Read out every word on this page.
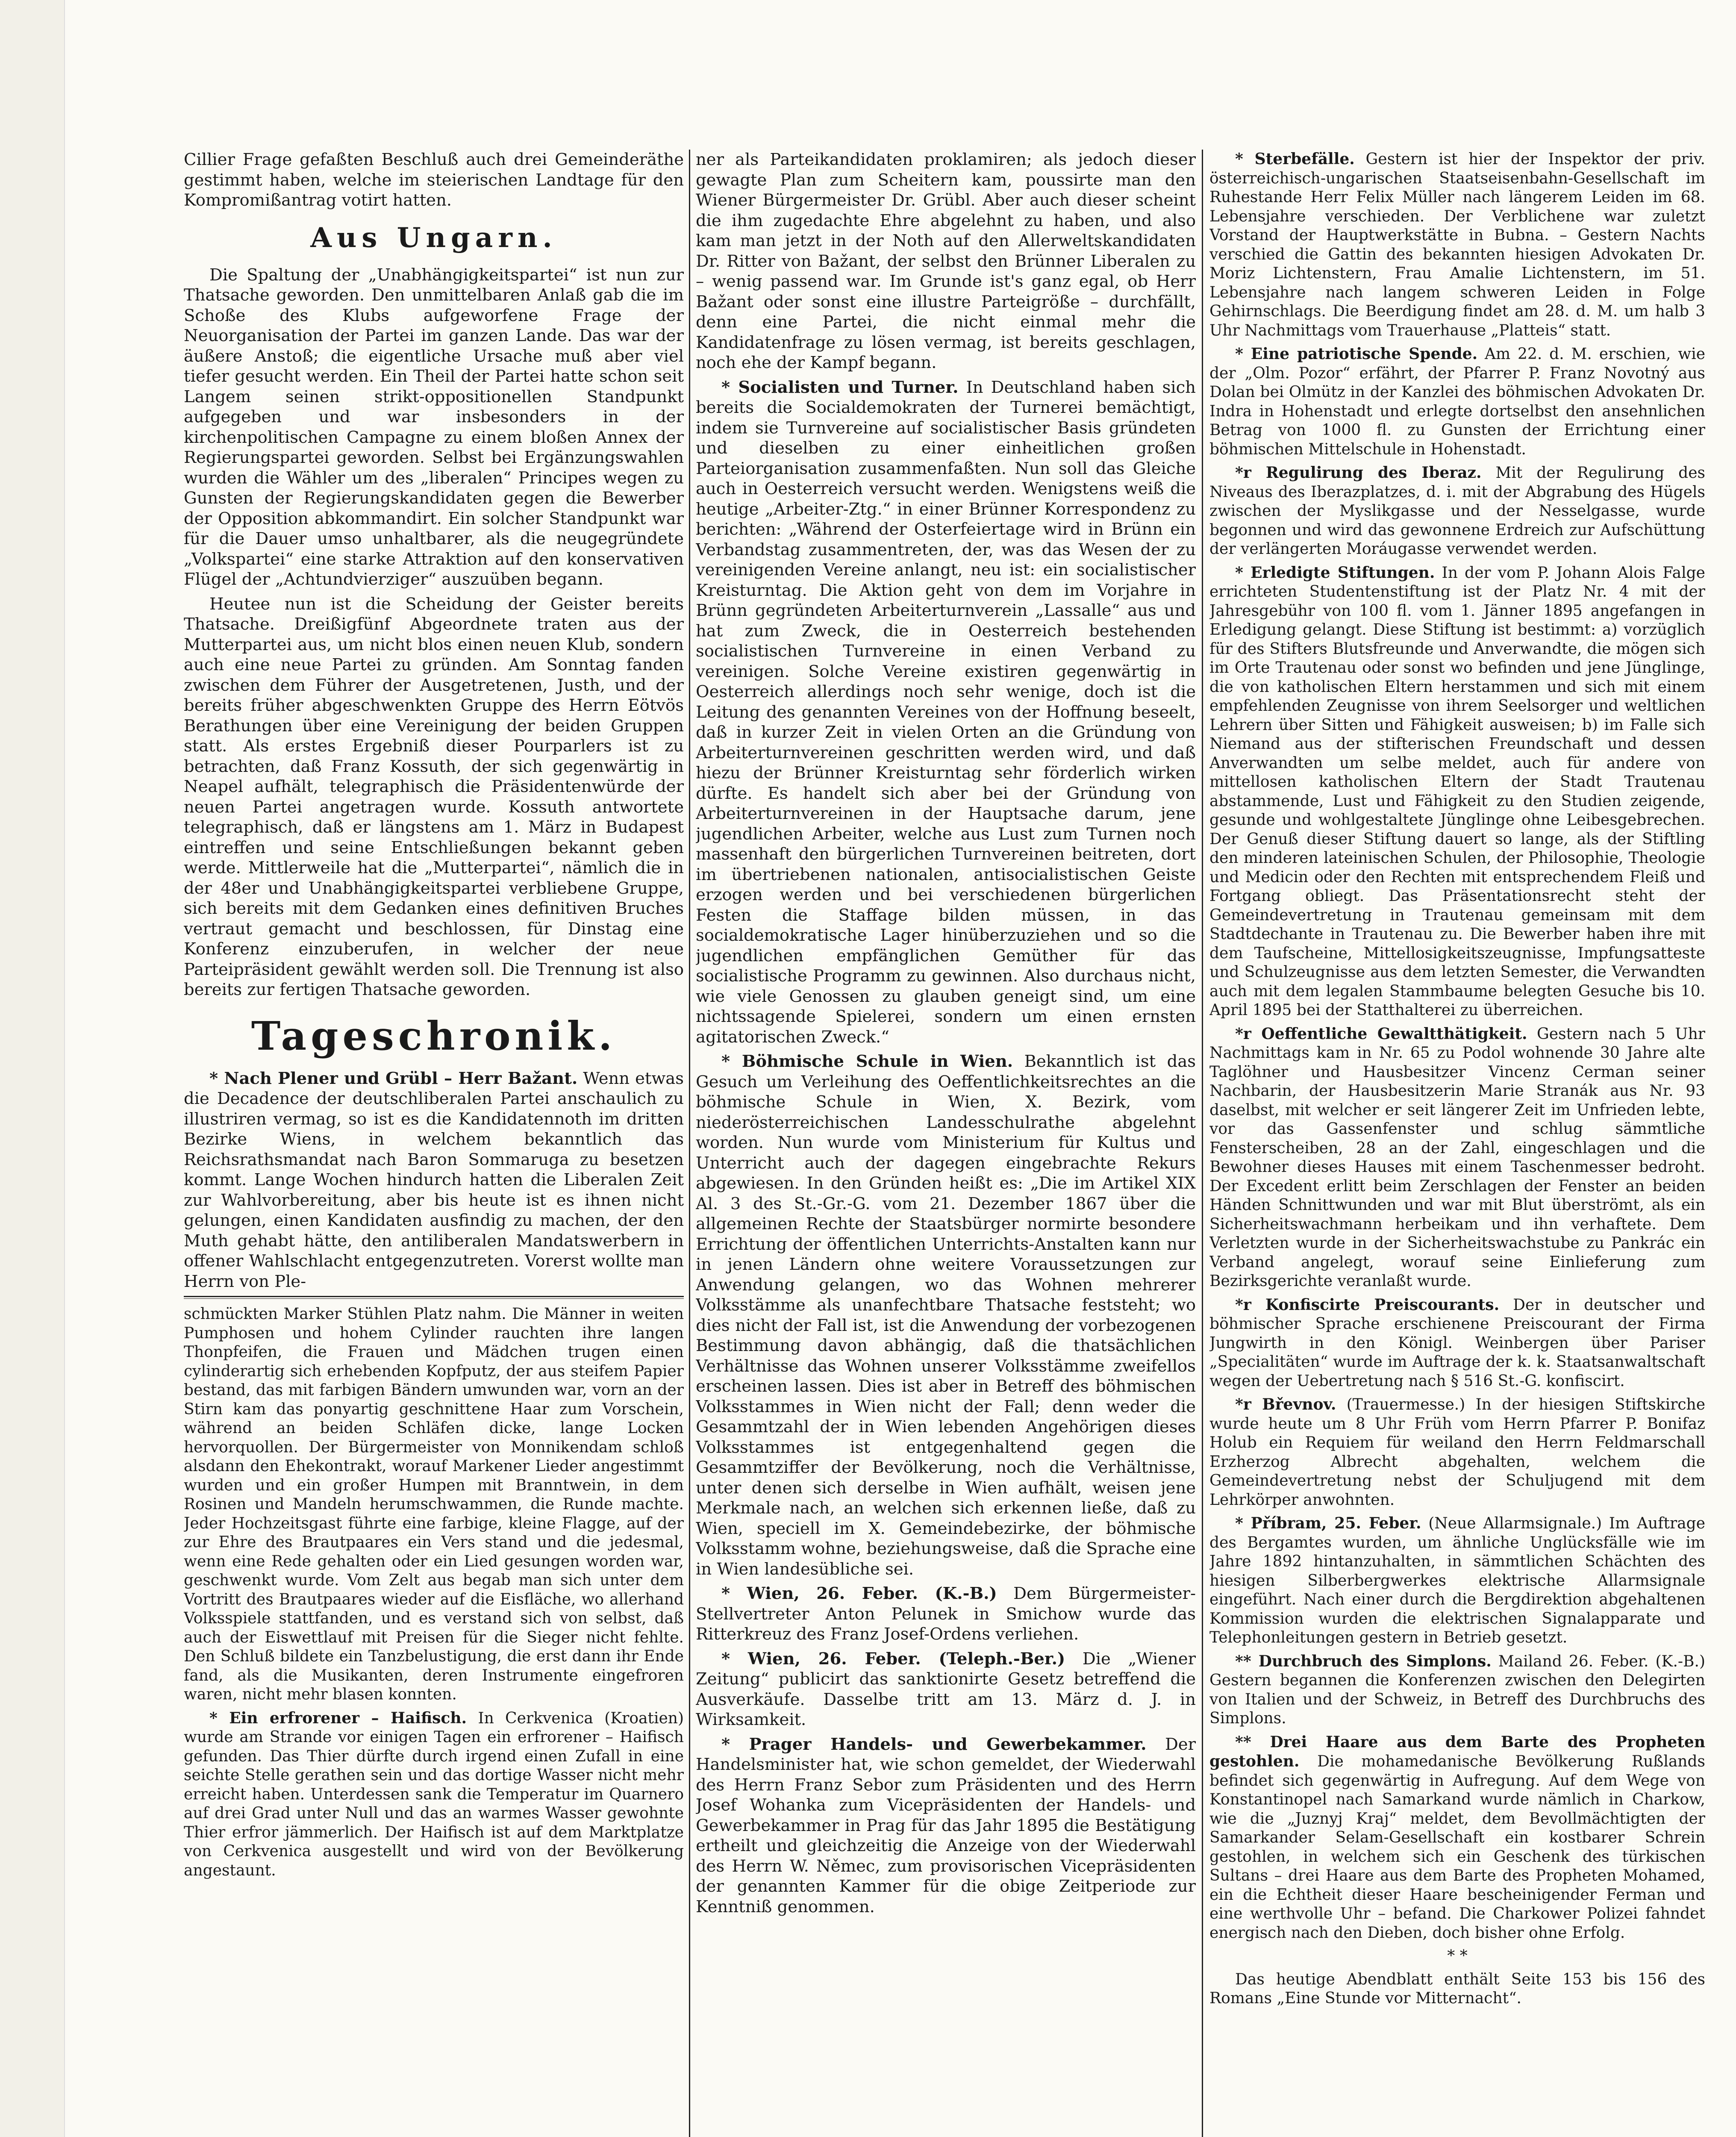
Cillier Frage gefaßten Beschluß auch drei Gemeinderäthe gestimmt haben, welche im steierischen Landtage für den Kompromißantrag votirt hatten.

Aus Ungarn.

Die Spaltung der „Unabhängigkeitspartei“ ist nun zur Thatsache geworden. Den unmittelbaren Anlaß gab die im Schoße des Klubs aufgeworfene Frage der Neuorganisation der Partei im ganzen Lande. Das war der äußere Anstoß; die eigentliche Ursache muß aber viel tiefer gesucht werden. Ein Theil der Partei hatte schon seit Langem seinen strikt-oppositionellen Standpunkt aufgegeben und war insbesonders in der kirchenpolitischen Campagne zu einem bloßen Annex der Regierungspartei geworden. Selbst bei Ergänzungswahlen wurden die Wähler um des „liberalen“ Principes wegen zu Gunsten der Regierungskandidaten gegen die Bewerber der Opposition abkommandirt. Ein solcher Standpunkt war für die Dauer umso unhaltbarer, als die neugegründete „Volkspartei“ eine starke Attraktion auf den konservativen Flügel der „Achtundvierziger“ auszuüben begann.

Heutee nun ist die Scheidung der Geister bereits Thatsache. Dreißigfünf Abgeordnete traten aus der Mutterpartei aus, um nicht blos einen neuen Klub, sondern auch eine neue Partei zu gründen. Am Sonntag fanden zwischen dem Führer der Ausgetretenen, Justh, und der bereits früher abgeschwenkten Gruppe des Herrn Eötvös Berathungen über eine Vereinigung der beiden Gruppen statt. Als erstes Ergebniß dieser Pourparlers ist zu betrachten, daß Franz Kossuth, der sich gegenwärtig in Neapel aufhält, telegraphisch die Präsidentenwürde der neuen Partei angetragen wurde. Kossuth antwortete telegraphisch, daß er längstens am 1. März in Budapest eintreffen und seine Entschließungen bekannt geben werde. Mittlerweile hat die „Mutterpartei“, nämlich die in der 48er und Unabhängigkeitspartei verbliebene Gruppe, sich bereits mit dem Gedanken eines definitiven Bruches vertraut gemacht und beschlossen, für Dinstag eine Konferenz einzuberufen, in welcher der neue Parteipräsident gewählt werden soll. Die Trennung ist also bereits zur fertigen Thatsache geworden.

Tageschronik.

* Nach Plener und Grübl – Herr Bažant. Wenn etwas die Decadence der deutschliberalen Partei anschaulich zu illustriren vermag, so ist es die Kandidatennoth im dritten Bezirke Wiens, in welchem bekanntlich das Reichsrathsmandat nach Baron Sommaruga zu besetzen kommt. Lange Wochen hindurch hatten die Liberalen Zeit zur Wahlvorbereitung, aber bis heute ist es ihnen nicht gelungen, einen Kandidaten ausfindig zu machen, der den Muth gehabt hätte, den antiliberalen Mandatswerbern in offener Wahlschlacht entgegenzutreten. Vorerst wollte man Herrn von Ple-

schmückten Marker Stühlen Platz nahm. Die Männer in weiten Pumphosen und hohem Cylinder rauchten ihre langen Thonpfeifen, die Frauen und Mädchen trugen einen cylinderartig sich erhebenden Kopfputz, der aus steifem Papier bestand, das mit farbigen Bändern umwunden war, vorn an der Stirn kam das ponyartig geschnittene Haar zum Vorschein, während an beiden Schläfen dicke, lange Locken hervorquollen. Der Bürgermeister von Monnikendam schloß alsdann den Ehekontrakt, worauf Markener Lieder angestimmt wurden und ein großer Humpen mit Branntwein, in dem Rosinen und Mandeln herumschwammen, die Runde machte. Jeder Hochzeitsgast führte eine farbige, kleine Flagge, auf der zur Ehre des Brautpaares ein Vers stand und die jedesmal, wenn eine Rede gehalten oder ein Lied gesungen worden war, geschwenkt wurde. Vom Zelt aus begab man sich unter dem Vortritt des Brautpaares wieder auf die Eisfläche, wo allerhand Volksspiele stattfanden, und es verstand sich von selbst, daß auch der Eiswettlauf mit Preisen für die Sieger nicht fehlte. Den Schluß bildete ein Tanzbelustigung, die erst dann ihr Ende fand, als die Musikanten, deren Instrumente eingefroren waren, nicht mehr blasen konnten.

* Ein erfrorener – Haifisch. In Cerkvenica (Kroatien) wurde am Strande vor einigen Tagen ein erfrorener – Haifisch gefunden. Das Thier dürfte durch irgend einen Zufall in eine seichte Stelle gerathen sein und das dortige Wasser nicht mehr erreicht haben. Unterdessen sank die Temperatur im Quarnero auf drei Grad unter Null und das an warmes Wasser gewohnte Thier erfror jämmerlich. Der Haifisch ist auf dem Marktplatze von Cerkvenica ausgestellt und wird von der Bevölkerung angestaunt.

ner als Parteikandidaten proklamiren; als jedoch dieser gewagte Plan zum Scheitern kam, poussirte man den Wiener Bürgermeister Dr. Grübl. Aber auch dieser scheint die ihm zugedachte Ehre abgelehnt zu haben, und also kam man jetzt in der Noth auf den Allerweltskandidaten Dr. Ritter von Bažant, der selbst den Brünner Liberalen zu – wenig passend war. Im Grunde ist's ganz egal, ob Herr Bažant oder sonst eine illustre Parteigröße – durchfällt, denn eine Partei, die nicht einmal mehr die Kandidatenfrage zu lösen vermag, ist bereits geschlagen, noch ehe der Kampf begann.

* Socialisten und Turner. In Deutschland haben sich bereits die Socialdemokraten der Turnerei bemächtigt, indem sie Turnvereine auf socialistischer Basis gründeten und dieselben zu einer einheitlichen großen Parteiorganisation zusammenfaßten. Nun soll das Gleiche auch in Oesterreich versucht werden. Wenigstens weiß die heutige „Arbeiter-Ztg.“ in einer Brünner Korrespondenz zu berichten: „Während der Osterfeiertage wird in Brünn ein Verbandstag zusammentreten, der, was das Wesen der zu vereinigenden Vereine anlangt, neu ist: ein socialistischer Kreisturntag. Die Aktion geht von dem im Vorjahre in Brünn gegründeten Arbeiterturnverein „Lassalle“ aus und hat zum Zweck, die in Oesterreich bestehenden socialistischen Turnvereine in einen Verband zu vereinigen. Solche Vereine existiren gegenwärtig in Oesterreich allerdings noch sehr wenige, doch ist die Leitung des genannten Vereines von der Hoffnung beseelt, daß in kurzer Zeit in vielen Orten an die Gründung von Arbeiterturnvereinen geschritten werden wird, und daß hiezu der Brünner Kreisturntag sehr förderlich wirken dürfte. Es handelt sich aber bei der Gründung von Arbeiterturnvereinen in der Hauptsache darum, jene jugendlichen Arbeiter, welche aus Lust zum Turnen noch massenhaft den bürgerlichen Turnvereinen beitreten, dort im übertriebenen nationalen, antisocialistischen Geiste erzogen werden und bei verschiedenen bürgerlichen Festen die Staffage bilden müssen, in das socialdemokratische Lager hinüberzuziehen und so die jugendlichen empfänglichen Gemüther für das socialistische Programm zu gewinnen. Also durchaus nicht, wie viele Genossen zu glauben geneigt sind, um eine nichtssagende Spielerei, sondern um einen ernsten agitatorischen Zweck.“

* Böhmische Schule in Wien. Bekanntlich ist das Gesuch um Verleihung des Oeffentlichkeitsrechtes an die böhmische Schule in Wien, X. Bezirk, vom niederösterreichischen Landesschulrathe abgelehnt worden. Nun wurde vom Ministerium für Kultus und Unterricht auch der dagegen eingebrachte Rekurs abgewiesen. In den Gründen heißt es: „Die im Artikel XIX Al. 3 des St.-Gr.-G. vom 21. Dezember 1867 über die allgemeinen Rechte der Staatsbürger normirte besondere Errichtung der öffentlichen Unterrichts-Anstalten kann nur in jenen Ländern ohne weitere Voraussetzungen zur Anwendung gelangen, wo das Wohnen mehrerer Volksstämme als unanfechtbare Thatsache feststeht; wo dies nicht der Fall ist, ist die Anwendung der vorbezogenen Bestimmung davon abhängig, daß die thatsächlichen Verhältnisse das Wohnen unserer Volksstämme zweifellos erscheinen lassen. Dies ist aber in Betreff des böhmischen Volksstammes in Wien nicht der Fall; denn weder die Gesammtzahl der in Wien lebenden Angehörigen dieses Volksstammes ist entgegenhaltend gegen die Gesammtziffer der Bevölkerung, noch die Verhältnisse, unter denen sich derselbe in Wien aufhält, weisen jene Merkmale nach, an welchen sich erkennen ließe, daß zu Wien, speciell im X. Gemeindebezirke, der böhmische Volksstamm wohne, beziehungsweise, daß die Sprache eine in Wien landesübliche sei.

* Wien, 26. Feber. (K.-B.) Dem Bürgermeister-Stellvertreter Anton Pelunek in Smichow wurde das Ritterkreuz des Franz Josef-Ordens verliehen.

* Wien, 26. Feber. (Teleph.-Ber.) Die „Wiener Zeitung“ publicirt das sanktionirte Gesetz betreffend die Ausverkäufe. Dasselbe tritt am 13. März d. J. in Wirksamkeit.

* Prager Handels- und Gewerbekammer. Der Handelsminister hat, wie schon gemeldet, der Wiederwahl des Herrn Franz Sebor zum Präsidenten und des Herrn Josef Wohanka zum Vicepräsidenten der Handels- und Gewerbekammer in Prag für das Jahr 1895 die Bestätigung ertheilt und gleichzeitig die Anzeige von der Wiederwahl des Herrn W. Němec, zum provisorischen Vicepräsidenten der genannten Kammer für die obige Zeitperiode zur Kenntniß genommen.

* Sterbefälle. Gestern ist hier der Inspektor der priv. österreichisch-ungarischen Staatseisenbahn-Gesellschaft im Ruhestande Herr Felix Müller nach längerem Leiden im 68. Lebensjahre verschieden. Der Verblichene war zuletzt Vorstand der Hauptwerkstätte in Bubna. – Gestern Nachts verschied die Gattin des bekannten hiesigen Advokaten Dr. Moriz Lichtenstern, Frau Amalie Lichtenstern, im 51. Lebensjahre nach langem schweren Leiden in Folge Gehirnschlags. Die Beerdigung findet am 28. d. M. um halb 3 Uhr Nachmittags vom Trauerhause „Platteis“ statt.

* Eine patriotische Spende. Am 22. d. M. erschien, wie der „Olm. Pozor“ erfährt, der Pfarrer P. Franz Novotný aus Dolan bei Olmütz in der Kanzlei des böhmischen Advokaten Dr. Indra in Hohenstadt und erlegte dortselbst den ansehnlichen Betrag von 1000 fl. zu Gunsten der Errichtung einer böhmischen Mittelschule in Hohenstadt.

*r Regulirung des Iberaz. Mit der Regulirung des Niveaus des Iberazplatzes, d. i. mit der Abgrabung des Hügels zwischen der Myslikgasse und der Nesselgasse, wurde begonnen und wird das gewonnene Erdreich zur Aufschüttung der verlängerten Moráugasse verwendet werden.

* Erledigte Stiftungen. In der vom P. Johann Alois Falge errichteten Studentenstiftung ist der Platz Nr. 4 mit der Jahresgebühr von 100 fl. vom 1. Jänner 1895 angefangen in Erledigung gelangt. Diese Stiftung ist bestimmt: a) vorzüglich für des Stifters Blutsfreunde und Anverwandte, die mögen sich im Orte Trautenau oder sonst wo befinden und jene Jünglinge, die von katholischen Eltern herstammen und sich mit einem empfehlenden Zeugnisse von ihrem Seelsorger und weltlichen Lehrern über Sitten und Fähigkeit ausweisen; b) im Falle sich Niemand aus der stifterischen Freundschaft und dessen Anverwandten um selbe meldet, auch für andere von mittellosen katholischen Eltern der Stadt Trautenau abstammende, Lust und Fähigkeit zu den Studien zeigende, gesunde und wohlgestaltete Jünglinge ohne Leibesgebrechen. Der Genuß dieser Stiftung dauert so lange, als der Stiftling den minderen lateinischen Schulen, der Philosophie, Theologie und Medicin oder den Rechten mit entsprechendem Fleiß und Fortgang obliegt. Das Präsentationsrecht steht der Gemeindevertretung in Trautenau gemeinsam mit dem Stadtdechante in Trautenau zu. Die Bewerber haben ihre mit dem Taufscheine, Mittellosigkeitszeugnisse, Impfungsatteste und Schulzeugnisse aus dem letzten Semester, die Verwandten auch mit dem legalen Stammbaume belegten Gesuche bis 10. April 1895 bei der Statthalterei zu überreichen.

*r Oeffentliche Gewaltthätigkeit. Gestern nach 5 Uhr Nachmittags kam in Nr. 65 zu Podol wohnende 30 Jahre alte Taglöhner und Hausbesitzer Vincenz Cerman seiner Nachbarin, der Hausbesitzerin Marie Stranák aus Nr. 93 daselbst, mit welcher er seit längerer Zeit im Unfrieden lebte, vor das Gassenfenster und schlug sämmtliche Fensterscheiben, 28 an der Zahl, eingeschlagen und die Bewohner dieses Hauses mit einem Taschenmesser bedroht. Der Excedent erlitt beim Zerschlagen der Fenster an beiden Händen Schnittwunden und war mit Blut überströmt, als ein Sicherheitswachmann herbeikam und ihn verhaftete. Dem Verletzten wurde in der Sicherheitswachstube zu Pankrác ein Verband angelegt, worauf seine Einlieferung zum Bezirksgerichte veranlaßt wurde.

*r Konfiscirte Preiscourants. Der in deutscher und böhmischer Sprache erschienene Preiscourant der Firma Jungwirth in den Königl. Weinbergen über Pariser „Specialitäten“ wurde im Auftrage der k. k. Staatsanwaltschaft wegen der Uebertretung nach § 516 St.-G. konfiscirt.

*r Břevnov. (Trauermesse.) In der hiesigen Stiftskirche wurde heute um 8 Uhr Früh vom Herrn Pfarrer P. Bonifaz Holub ein Requiem für weiland den Herrn Feldmarschall Erzherzog Albrecht abgehalten, welchem die Gemeindevertretung nebst der Schuljugend mit dem Lehrkörper anwohnten.

* Příbram, 25. Feber. (Neue Allarmsignale.) Im Auftrage des Bergamtes wurden, um ähnliche Unglücksfälle wie im Jahre 1892 hintanzuhalten, in sämmtlichen Schächten des hiesigen Silberbergwerkes elektrische Allarmsignale eingeführt. Nach einer durch die Bergdirektion abgehaltenen Kommission wurden die elektrischen Signalapparate und Telephonleitungen gestern in Betrieb gesetzt.

** Durchbruch des Simplons. Mailand 26. Feber. (K.-B.) Gestern begannen die Konferenzen zwischen den Delegirten von Italien und der Schweiz, in Betreff des Durchbruchs des Simplons.

** Drei Haare aus dem Barte des Propheten gestohlen. Die mohamedanische Bevölkerung Rußlands befindet sich gegenwärtig in Aufregung. Auf dem Wege von Konstantinopel nach Samarkand wurde nämlich in Charkow, wie die „Juznyj Kraj“ meldet, dem Bevollmächtigten der Samarkander Selam-Gesellschaft ein kostbarer Schrein gestohlen, in welchem sich ein Geschenk des türkischen Sultans – drei Haare aus dem Barte des Propheten Mohamed, ein die Echtheit dieser Haare bescheinigender Ferman und eine werthvolle Uhr – befand. Die Charkower Polizei fahndet energisch nach den Dieben, doch bisher ohne Erfolg.

* *

Das heutige Abendblatt enthält Seite 153 bis 156 des Romans „Eine Stunde vor Mitternacht“.
